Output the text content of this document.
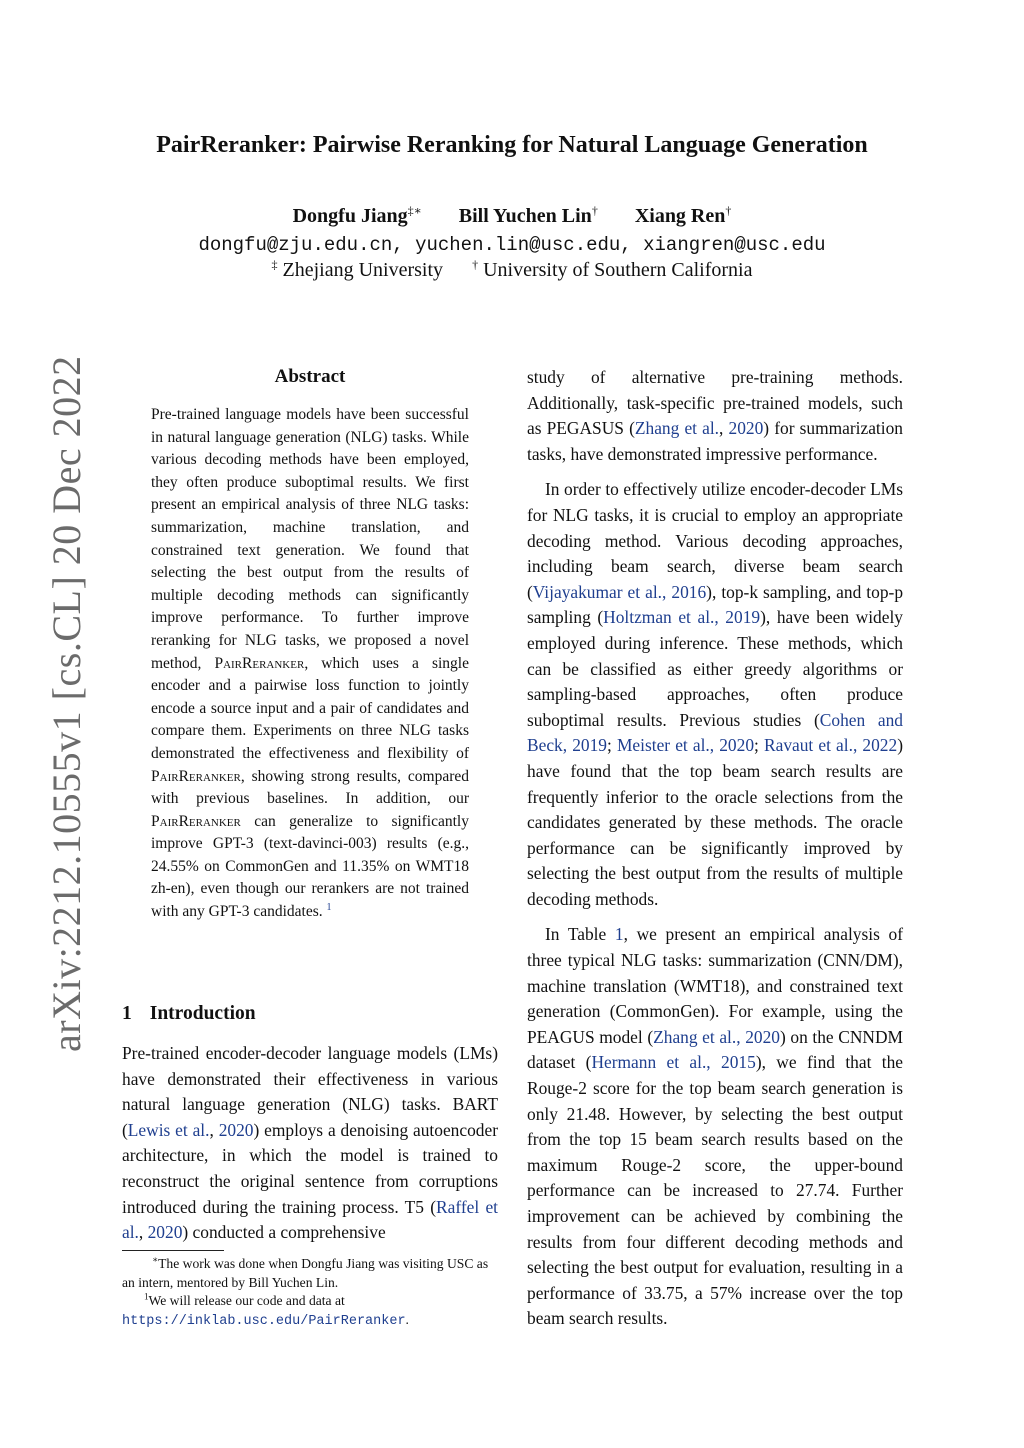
PairReranker: Pairwise Reranking for Natural Language Generation
Dongfu Jiang‡∗ Bill Yuchen Lin† Xiang Ren†
dongfu@zju.edu.cn, yuchen.lin@usc.edu, xiangren@usc.edu
‡ Zhejiang University † University of Southern California
arXiv:2212.10555v1 [cs.CL] 20 Dec 2022	Abstract
Pre-trained language models have been successful in natural language generation (NLG) tasks. While various decoding methods have been employed, they often produce suboptimal results. We first present an empirical analysis of three NLG tasks: summarization, machine translation, and constrained text generation. We found that selecting the best output from the results of multiple decoding methods can significantly improve performance. To further improve reranking for NLG tasks, we proposed a novel method, PairReranker, which uses a single encoder and a pairwise loss function to jointly encode a source input and a pair of candidates and compare them. Experiments on three NLG tasks demonstrated the effectiveness and flexibility of PairReranker, showing strong results, compared with previous baselines. In addition, our PairReranker can generalize to significantly improve GPT-3 (text-davinci-003) results (e.g., 24.55% on CommonGen and 11.35% on WMT18 zh-en), even though our rerankers are not trained with any GPT-3 candidates. $^1$
1 Introduction
Pre-trained encoder-decoder language models (LMs) have demonstrated their effectiveness in various natural language generation (NLG) tasks. BART (Lewis et al., 2020) employs a denoising autoencoder architecture, in which the model is trained to reconstruct the original sentence from corruptions introduced during the training process. T5 (Raffel et al., 2020) conducted a comprehensive

∗The work was done when Dongfu Jiang was visiting USC as an intern, mentored by Bill Yuchen Lin.

$^1$We will release our code and data at https://inklab.usc.edu/PairReranker.

study of alternative pre-training methods. Additionally, task-specific pre-trained models, such as PEGASUS (Zhang et al., 2020) for summarization tasks, have demonstrated impressive performance.

In order to effectively utilize encoder-decoder LMs for NLG tasks, it is crucial to employ an appropriate decoding method. Various decoding approaches, including beam search, diverse beam search (Vijayakumar et al., 2016), top-k sampling, and top-p sampling (Holtzman et al., 2019), have been widely employed during inference. These methods, which can be classified as either greedy algorithms or sampling-based approaches, often produce suboptimal results. Previous studies (Cohen and Beck, 2019; Meister et al., 2020; Ravaut et al., 2022) have found that the top beam search results are frequently inferior to the oracle selections from the candidates generated by these methods. The oracle performance can be significantly improved by selecting the best output from the results of multiple decoding methods.

In Table 1, we present an empirical analysis of three typical NLG tasks: summarization (CNN/DM), machine translation (WMT18), and constrained text generation (CommonGen). For example, using the PEAGUS model (Zhang et al., 2020) on the CNNDM dataset (Hermann et al., 2015), we find that the Rouge-2 score for the top beam search generation is only 21.48. However, by selecting the best output from the top 15 beam search results based on the maximum Rouge-2 score, the upper-bound performance can be increased to 27.74. Further improvement can be achieved by combining the results from four different decoding methods and selecting the best output for evaluation, resulting in a performance of 33.75, a 57% increase over the top beam search results.
